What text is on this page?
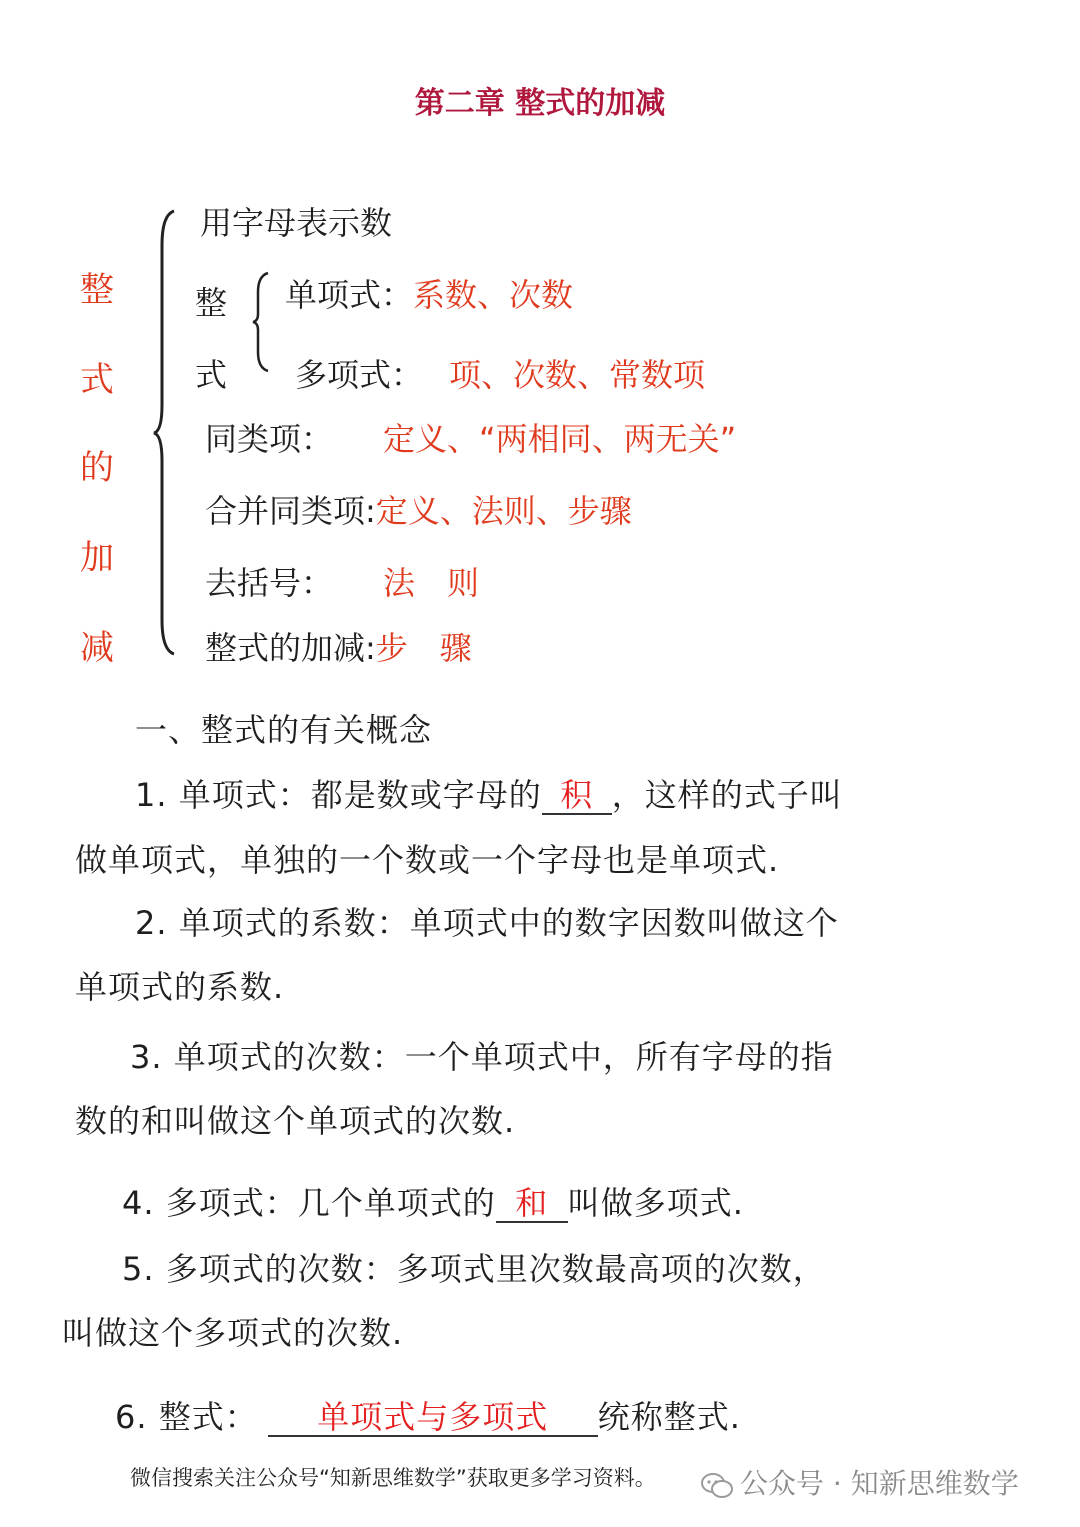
第二章 整式的加减
整
式
的
加
减
用字母表示数
整
式
单项式：系数、次数
多项式： 项、次数、常数项
同类项： 定义、“两相同、两无关”
合并同类项:定义、法则、步骤
去括号： 法　则
整式的加减:步　骤
一、整式的有关概念
1. 单项式：都是数或字母的 积 ，这样的式子叫
做单项式，单独的一个数或一个字母也是单项式.
2. 单项式的系数：单项式中的数字因数叫做这个
单项式的系数.
3. 单项式的次数：一个单项式中，所有字母的指
数的和叫做这个单项式的次数.
4. 多项式：几个单项式的 和 叫做多项式.
5. 多项式的次数：多项式里次数最高项的次数，
叫做这个多项式的次数.
6. 整式： 单项式与多项式 统称整式.
微信搜索关注公众号“知新思维数学”获取更多学习资料。	公众号 · 知新思维数学
